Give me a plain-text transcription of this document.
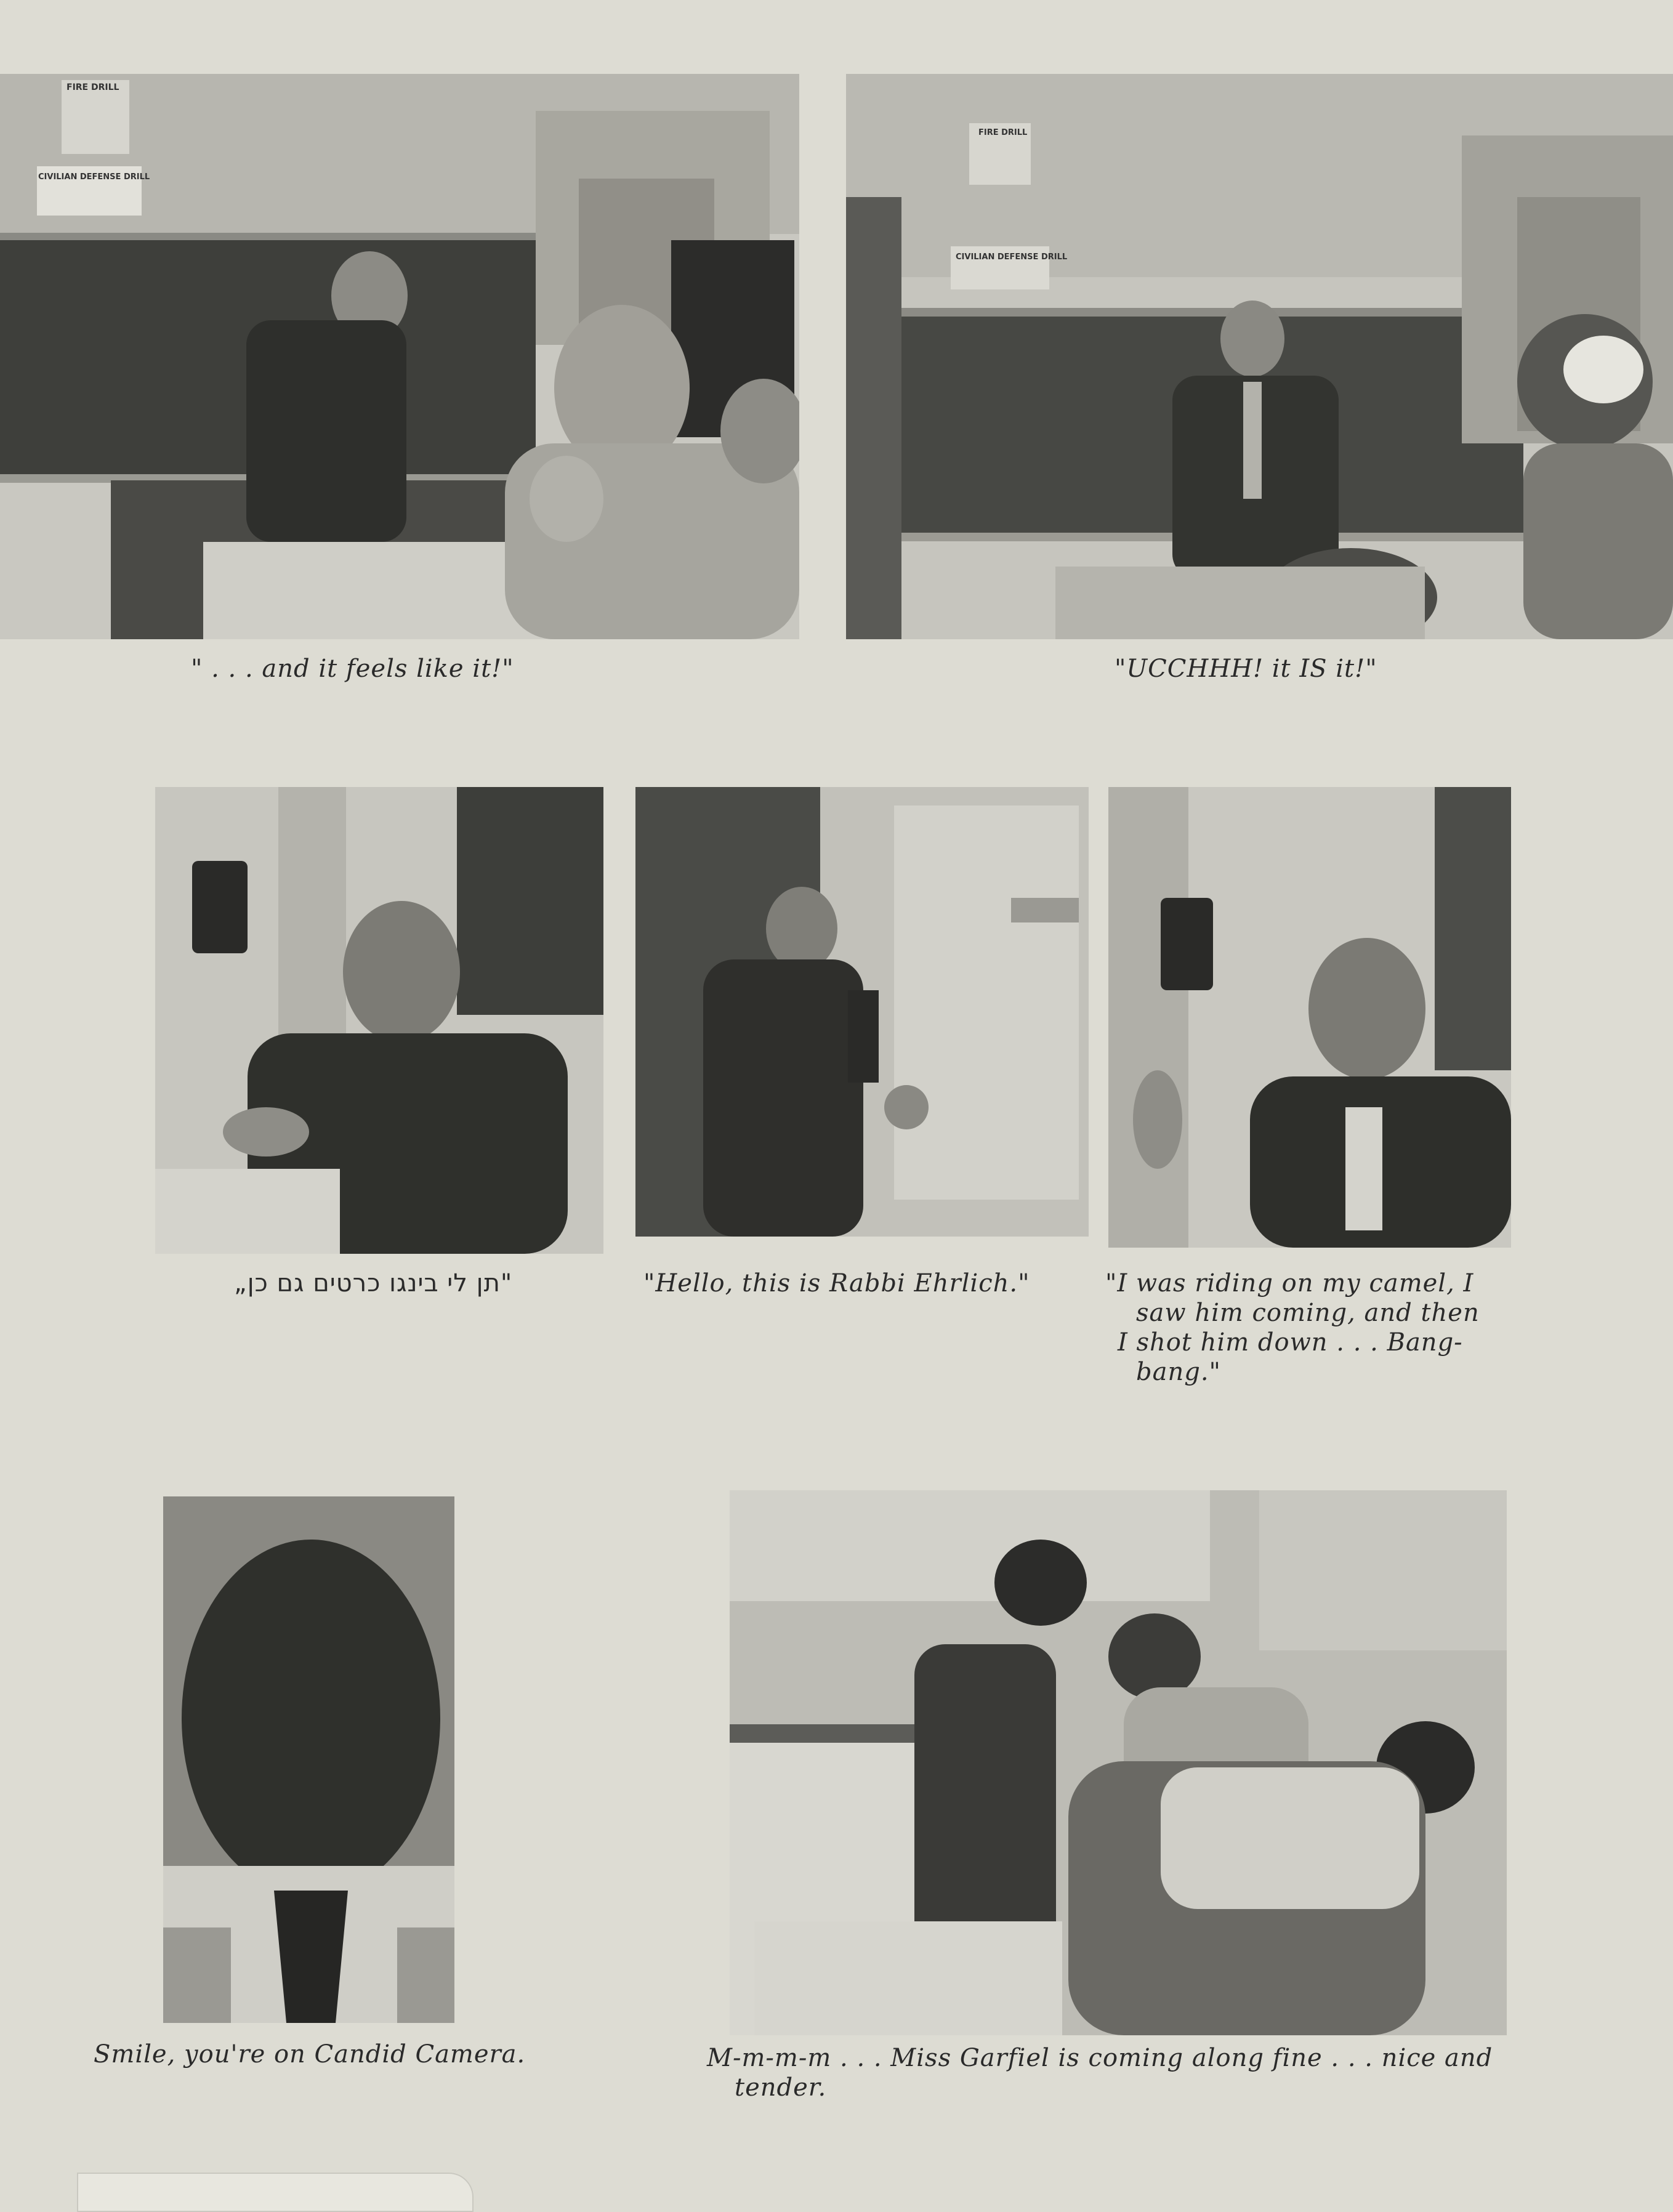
FIRE DRILL
CIVILIAN DEFENSE DRILL
" . . . and it feels like it!"
FIRE DRILL
CIVILIAN DEFENSE DRILL
"UCCHHH! it IS it!"
"תן לי בינגו כרטים גם כן„	"Hello, this is Rabbi Ehrlich."	"I was riding on my camel, I
saw him coming, and then
I shot him down . . . Bang-
bang."
Smile, you're on Candid Camera.	M-m-m-m . . . Miss Garfiel is coming along fine . . . nice and
tender.
